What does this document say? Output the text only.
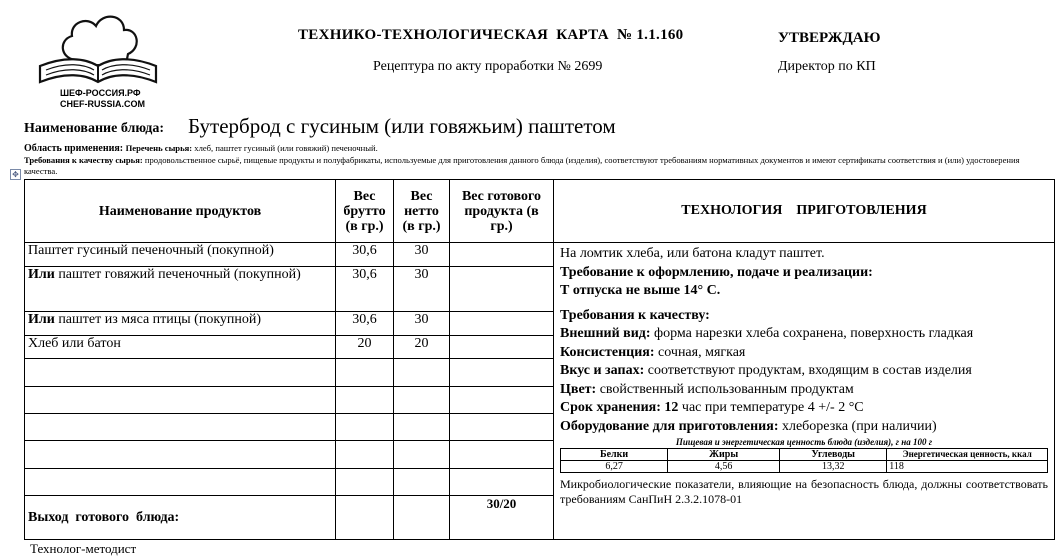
ШЕФ-РОССИЯ.РФ
CHEF-RUSSIA.COM
ТЕХНИКО-ТЕХНОЛОГИЧЕСКАЯ  КАРТА  № 1.1.160	УТВЕРЖДАЮ
Рецептура по акту проработки № 2699	Директор по КП
Наименование блюда: Бутерброд с гусиным (или говяжьим) паштетом
Область применения: Перечень сырья: хлеб, паштет гусиный (или говяжий) печеночный.
Требования к качеству сырья: продовольственное сырьё, пищевые продукты и полуфабрикаты, используемые для приготовления данного блюда (изделия), соответствуют требованиям нормативных документов и имеют сертификаты соответствия и (или) удостоверения качества.
✥
Наименование продуктов	Вес брутто (в гр.)	Вес нетто (в гр.)	Вес готового продукта (в гр.)	ТЕХНОЛОГИЯ    ПРИГОТОВЛЕНИЯ
Паштет гусиный печеночный (покупной)	30,6	30		На ломтик хлеба, или батона кладут паштет.

Требование к оформлению, подаче и реализации:

Т отпуска не выше 14° С.

Требования к качеству:

Внешний вид: форма нарезки хлеба сохранена, поверхность гладкая

Консистенция: сочная, мягкая

Вкус и запах: соответствуют продуктам, входящим в состав изделия

Цвет: свойственный использованным продуктам

Срок хранения: 12 час при температуре 4 +/- 2 °С

Оборудование для приготовления: хлеборезка (при наличии)

Пищевая и энергетическая ценность блюда (изделия), г на 100 г
Белки	Жиры	Углеводы	Энергетическая ценность, ккал
6,27	4,56	13,32	118

Микробиологические показатели, влияющие на безопасность блюда, должны соответствовать требованиям СанПиН 2.3.2.1078-01

Или паштет говяжий печеночный (покупной)	30,6	30	
Или паштет из мяса птицы (покупной)	30,6	30	
Хлеб или батон	20	20	

Выход  готового  блюда:			30/20
Технолог-методист
